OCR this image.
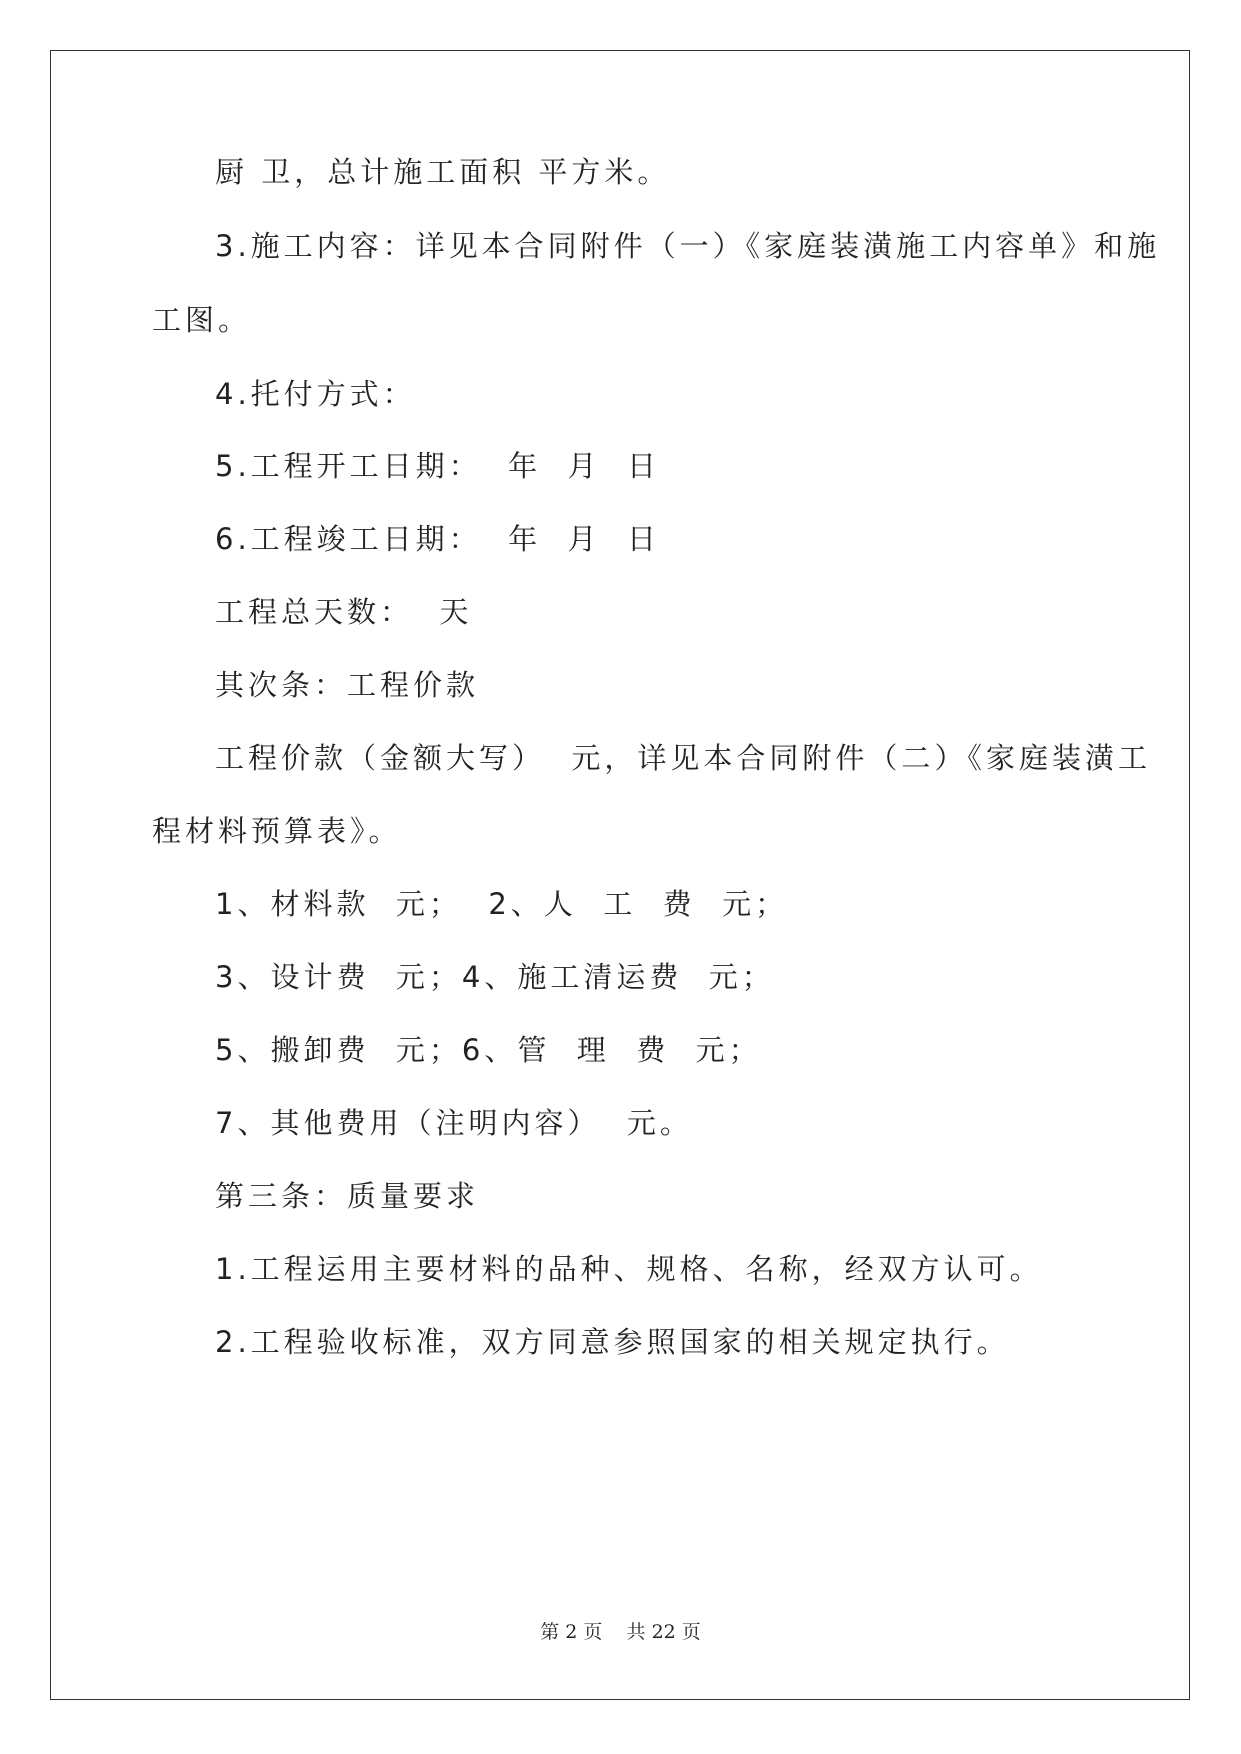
厨 卫，总计施工面积 平方米。
3.施工内容：详见本合同附件（一）《家庭装潢施工内容单》和施
工图。
4.托付方式：
5.工程开工日期：  年  月  日
6.工程竣工日期：  年  月  日
工程总天数：  天
其次条：工程价款
工程价款（金额大写）  元，详见本合同附件（二）《家庭装潢工
程材料预算表》。
1、材料款  元；  2、人  工  费  元；
3、设计费  元；4、施工清运费  元；
5、搬卸费  元；6、管  理  费  元；
7、其他费用（注明内容）  元。
第三条：质量要求
1.工程运用主要材料的品种、规格、名称，经双方认可。
2.工程验收标准，双方同意参照国家的相关规定执行。
第 2 页    共 22 页
